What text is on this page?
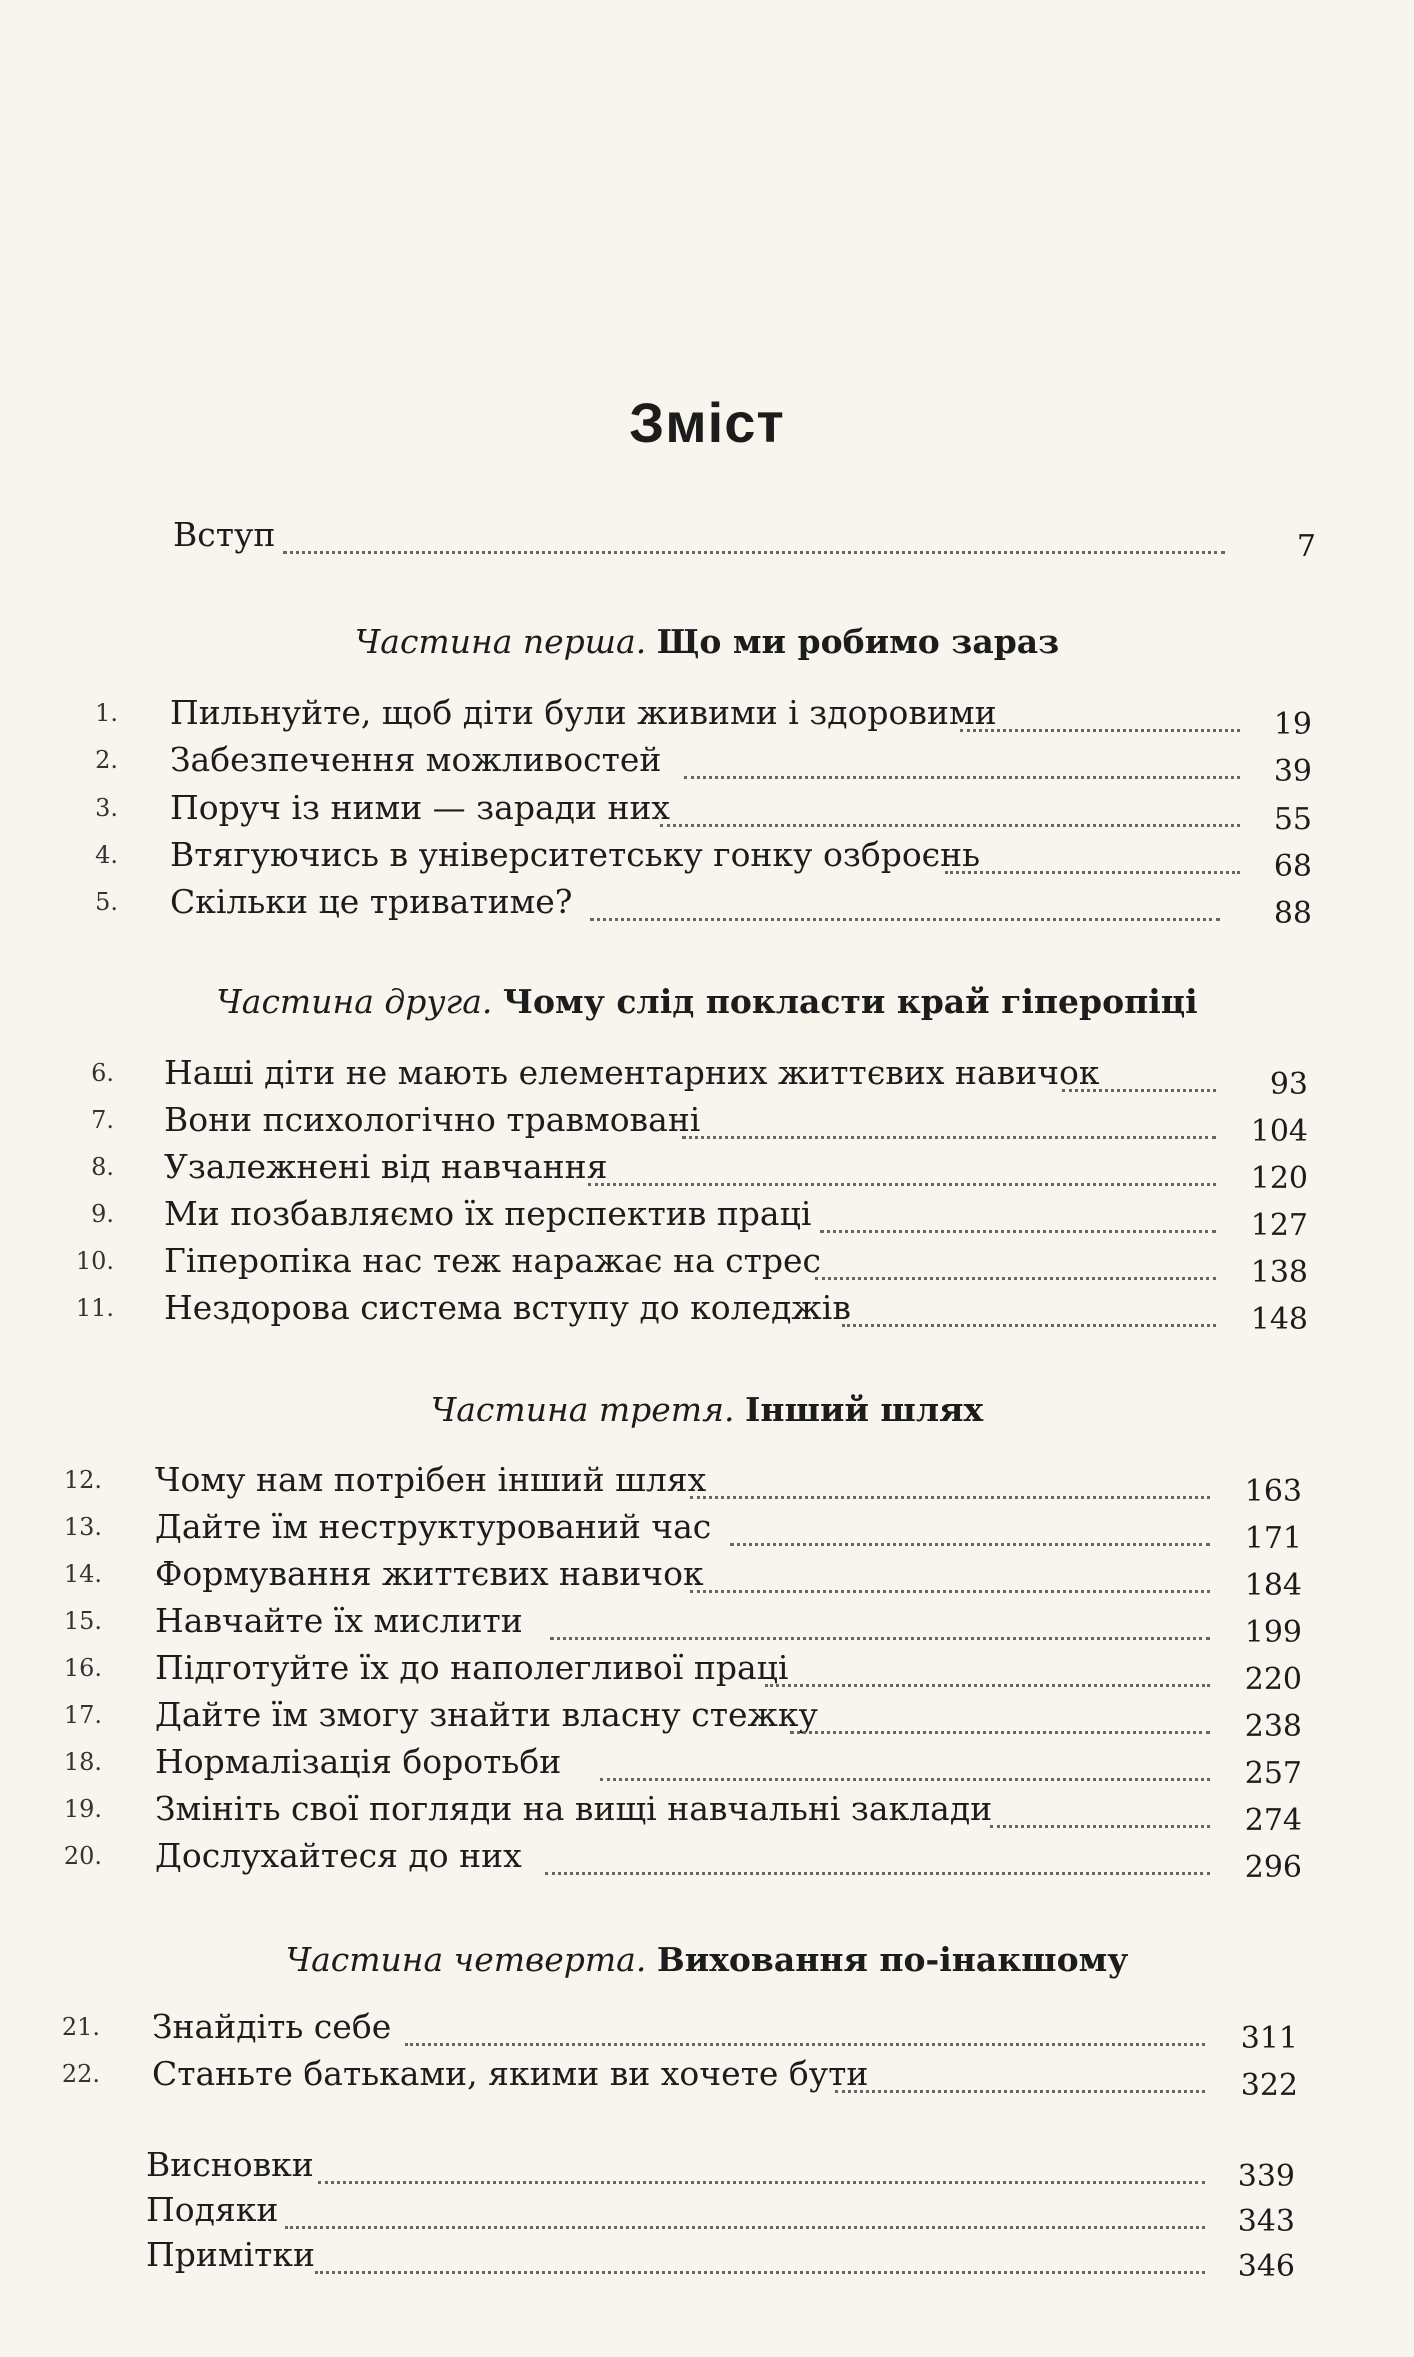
Зміст
Вступ	7
Частина перша. Що ми робимо зараз
1. Пильнуйте, щоб діти були живими і здоровими	19
2. Забезпечення можливостей	39
3. Поруч із ними — заради них	55
4. Втягуючись в університетську гонку озброєнь	68
5. Скільки це триватиме?	88
Частина друга. Чому слід покласти край гіперопіці
6. Наші діти не мають елементарних життєвих навичок	93
7. Вони психологічно травмовані	104
8. Узалежнені від навчання	120
9. Ми позбавляємо їх перспектив праці	127
10. Гіперопіка нас теж наражає на стрес	138
11. Нездорова система вступу до коледжів	148
Частина третя. Інший шлях
12. Чому нам потрібен інший шлях	163
13. Дайте їм неструктурований час	171
14. Формування життєвих навичок	184
15. Навчайте їх мислити	199
16. Підготуйте їх до наполегливої праці	220
17. Дайте їм змогу знайти власну стежку	238
18. Нормалізація боротьби	257
19. Змініть свої погляди на вищі навчальні заклади	274
20. Дослухайтеся до них	296
Частина четверта. Виховання по-інакшому
21. Знайдіть себе	311
22. Станьте батьками, якими ви хочете бути	322
Висновки	339
Подяки	343
Примітки	346
